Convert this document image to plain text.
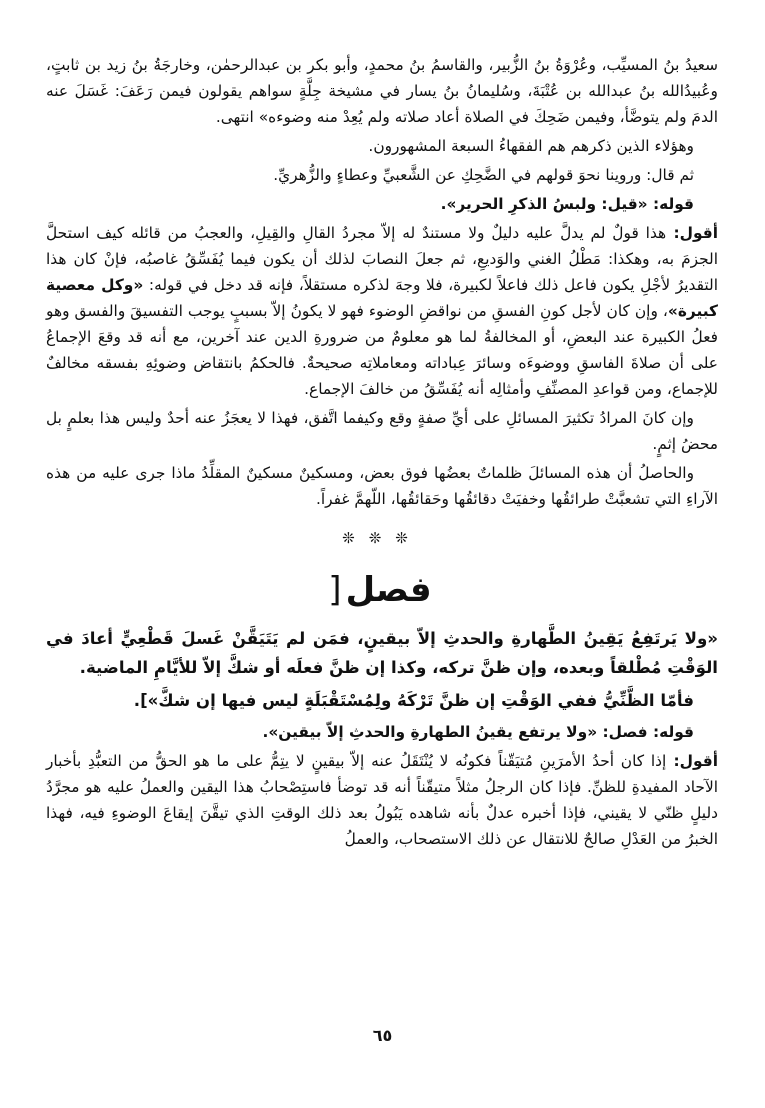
سعيدُ بنُ المسيِّب، وعُرْوَةُ بنُ الزُّبير، والقاسمُ بنُ محمدٍ، وأبو بكر بن عبدالرحمٰن، وخارجَةُ بنُ زيد بن ثابتٍ، وعُبيدُالله بنُ عبدالله بن عُتْبَةَ، وسُليمانُ بنُ يسار في مشيخة جِلَّةٍ سواهم يقولون فيمن رَعَفَ: غَسَلَ عنه الدمَ ولم يتوضَّأ، وفيمن ضَحِكَ في الصلاة أعاد صلاته ولم يُعِدْ منه وضوءه» انتهى.

وهؤلاء الذين ذكرهم هم الفقهاءُ السبعة المشهورون.

ثم قال: وروينا نحوَ قولهم في الضَّحِكِ عن الشَّعبيِّ وعطاءٍ والزُّهريِّ.

قوله: «قيل: ولبسُ الذكرِ الحرير».

أقول: هذا قولٌ لم يدلَّ عليه دليلٌ ولا مستندٌ له إلاّ مجردُ القالِ والقِيلِ، والعجبُ من قائله كيف استحلَّ الجزمَ به، وهكذا: مَطْلُ الغني والوَديعِ، ثم جعلَ النصابَ لذلك أن يكون فيما يُفَسِّقُ غاصبُه، فإنْ كان هذا التقديرُ لأجْلِ يكون فاعل ذلك فاعلاً لكبيرة، فلا وجهَ لذكره مستقلاً، فإنه قد دخل في قوله: «وكل معصية كبيرة»، وإن كان لأجل كونِ الفسقِ من نواقضِ الوضوء فهو لا يكونُ إلاّ بسببٍ يوجب التفسيقَ والفسق وهو فعلُ الكبيرة عند البعضِ، أو المخالفةُ لما هو معلومٌ من ضرورةِ الدين عند آخرين، مع أنه قد وقعَ الإجماعُ على أن صلاةَ الفاسقِ ووضوءَه وسائرَ عِباداته ومعاملاتِه صحيحةٌ. فالحكمُ بانتقاض وضوئِهِ بفسقه مخالفٌ للإجماع، ومن قواعدِ المصنِّفِ وأمثالِه أنه يُفَسِّقُ من خالفَ الإجماع.

وإن كانَ المرادُ تكثيرَ المسائلِ على أيِّ صفةٍ وقع وكيفما اتَّفق، فهذا لا يعجَزُ عنه أحدٌ وليس هذا بعلمٍ بل محضُ إثمٍ.

والحاصلُ أن هذه المسائلَ ظلماتٌ بعضُها فوق بعض، ومسكينٌ مسكينٌ المقلِّدُ ماذا جرى عليه من هذه الآراءِ التي تشعبَّتْ طرائقُها وخفيَتْ دقائقُها وحَقائقُها، اللّهمَّ غفراً.

❊❊❊
فصل[

«ولا يَرتَفِعُ يَقِينُ الطَّهارةِ والحدثِ إلاّ بيقينٍ، فمَن لم يَتَيَقَّنْ غَسلَ قَطْعِيٍّ أعادَ في الوَقْتِ مُطْلقاً وبعده، وإن ظنَّ تركه، وكذا إن ظنَّ فعلَه أو شكَّ إلاّ للأيَّامِ الماضية.

فأمّا الظَّنِّيُّ ففي الوَقْتِ إن ظنَّ تَرْكَهُ ولِمُسْتَقْبَلَةٍ ليس فيها إن شكَّ»].

قوله: فصل: «ولا يرتفع يقينُ الطهارةِ والحدثِ إلاّ بيقين».

أقول: إذا كان أحدُ الأمرَينِ مُتيَقّناً فكونُه لا يُنْتَقَلُ عنه إلاّ بيقينٍ لا يتِمُّ على ما هو الحقُّ من التعبُّدِ بأخبار الآحاد المفيدةِ للظنِّ. فإذا كان الرجلُ مثلاً متيقّناً أنه قد توضأ فاستِصْحابُ هذا اليقين والعملُ عليه هو مجرَّدُ دليلٍ ظنّي لا يقيني، فإذا أخبره عدلٌ بأنه شاهده يَبُولُ بعد ذلك الوقتِ الذي تيقَّنَ إيقاعَ الوضوءِ فيه، فهذا الخبرُ من العَدْلِ صالحٌ للانتقال عن ذلك الاستصحاب، والعملُ

٦٥
